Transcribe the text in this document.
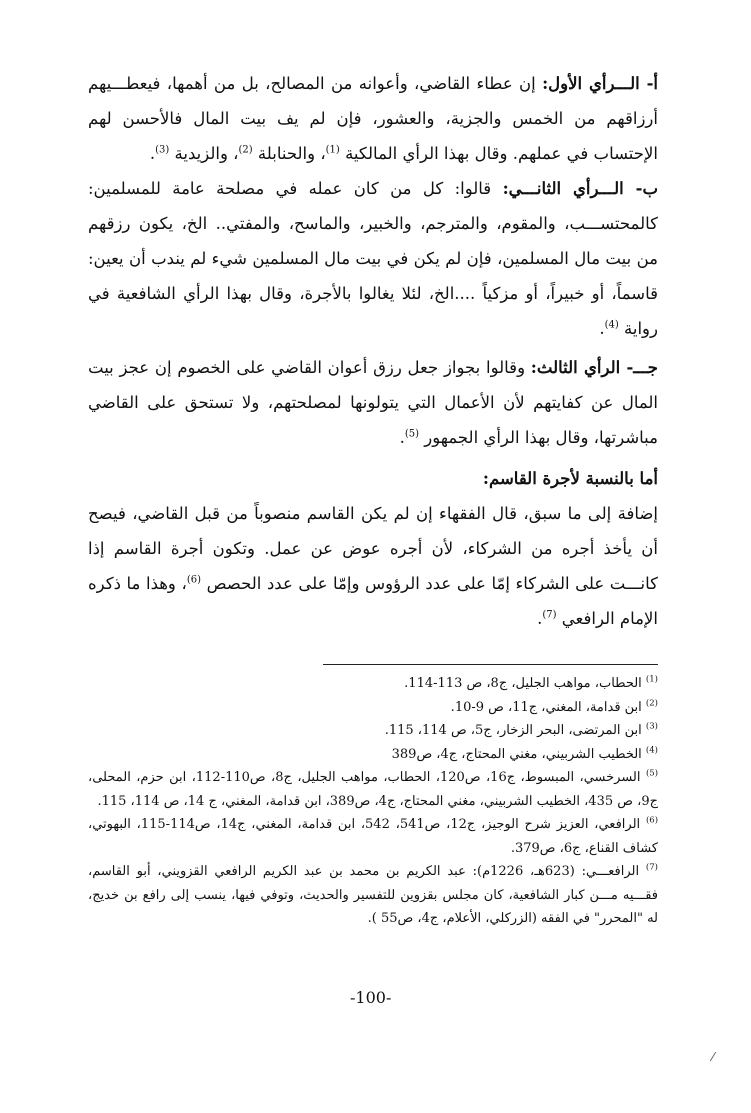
أ- الـــرأي الأول: إن عطاء القاضي، وأعوانه من المصالح، بل من أهمها، فيعطـــيهم أرزاقهم من الخمس والجزية، والعشور، فإن لم يف بيت المال فالأحسن لهم الإحتساب في عملهم. وقال بهذا الرأي المالكية $^{(1)}$، والحنابلة $^{(2)}$، والزيدية $^{(3)}$.

ب- الـــرأي الثانـــي: قالوا: كل من كان عمله في مصلحة عامة للمسلمين: كالمحتســـب، والمقوم، والمترجم، والخبير، والماسح، والمفتي.. الخ، يكون رزقهم من بيت مال المسلمين، فإن لم يكن في بيت مال المسلمين شيء لم يندب أن يعين: قاسماً، أو خبيراً، أو مزكياً ....الخ، لئلا يغالوا بالأجرة، وقال بهذا الرأي الشافعية في رواية $^{(4)}$.

جـــ- الرأي الثالث: وقالوا بجواز جعل رزق أعوان القاضي على الخصوم إن عجز بيت المال عن كفايتهم لأن الأعمال التي يتولونها لمصلحتهم، ولا تستحق على القاضي مباشرتها، وقال بهذا الرأي الجمهور $^{(5)}$.

أما بالنسبة لأجرة القاسم:

إضافة إلى ما سبق، قال الفقهاء إن لم يكن القاسم منصوباً من قبل القاضي، فيصح أن يأخذ أجره من الشركاء، لأن أجره عوض عن عمل. وتكون أجرة القاسم إذا كانـــت على الشركاء إمّا على عدد الرؤوس وإمّا على عدد الحصص $^{(6)}$، وهذا ما ذكره الإمام الرافعي $^{(7)}$.

$^{(1)}$ الحطاب، مواهب الجليل، ج8، ص 113-114.

$^{(2)}$ ابن قدامة، المغني، ج11، ص 9-10.

$^{(3)}$ ابن المرتضى، البحر الزخار، ج5، ص 114، 115.

$^{(4)}$ الخطيب الشربيني، مغني المحتاج، ج4، ص389

$^{(5)}$ السرخسي، المبسوط، ج16، ص120، الحطاب، مواهب الجليل، ج8، ص110-112، ابن حزم، المحلى، ج9، ص 435، الخطيب الشربيني، مغني المحتاج، ج4، ص389، ابن قدامة، المغني، ج 14، ص 114، 115.

$^{(6)}$ الرافعي، العزيز شرح الوجيز، ج12، ص541، 542، ابن قدامة، المغني، ج14، ص114-115، البهوتي، كشاف القناع، ج6، ص379.

$^{(7)}$ الرافعـــي: (623هـ، 1226م): عبد الكريم بن محمد بن عبد الكريم الرافعي القزويني، أبو القاسم، فقـــيه مـــن كبار الشافعية، كان مجلس بقزوين للتفسير والحديث، وتوفي فيها، ينسب إلى رافع بن خديج، له "المحرر" في الفقه (الزركلي، الأعلام، ج4، ص55 ).

-100-
⁄
